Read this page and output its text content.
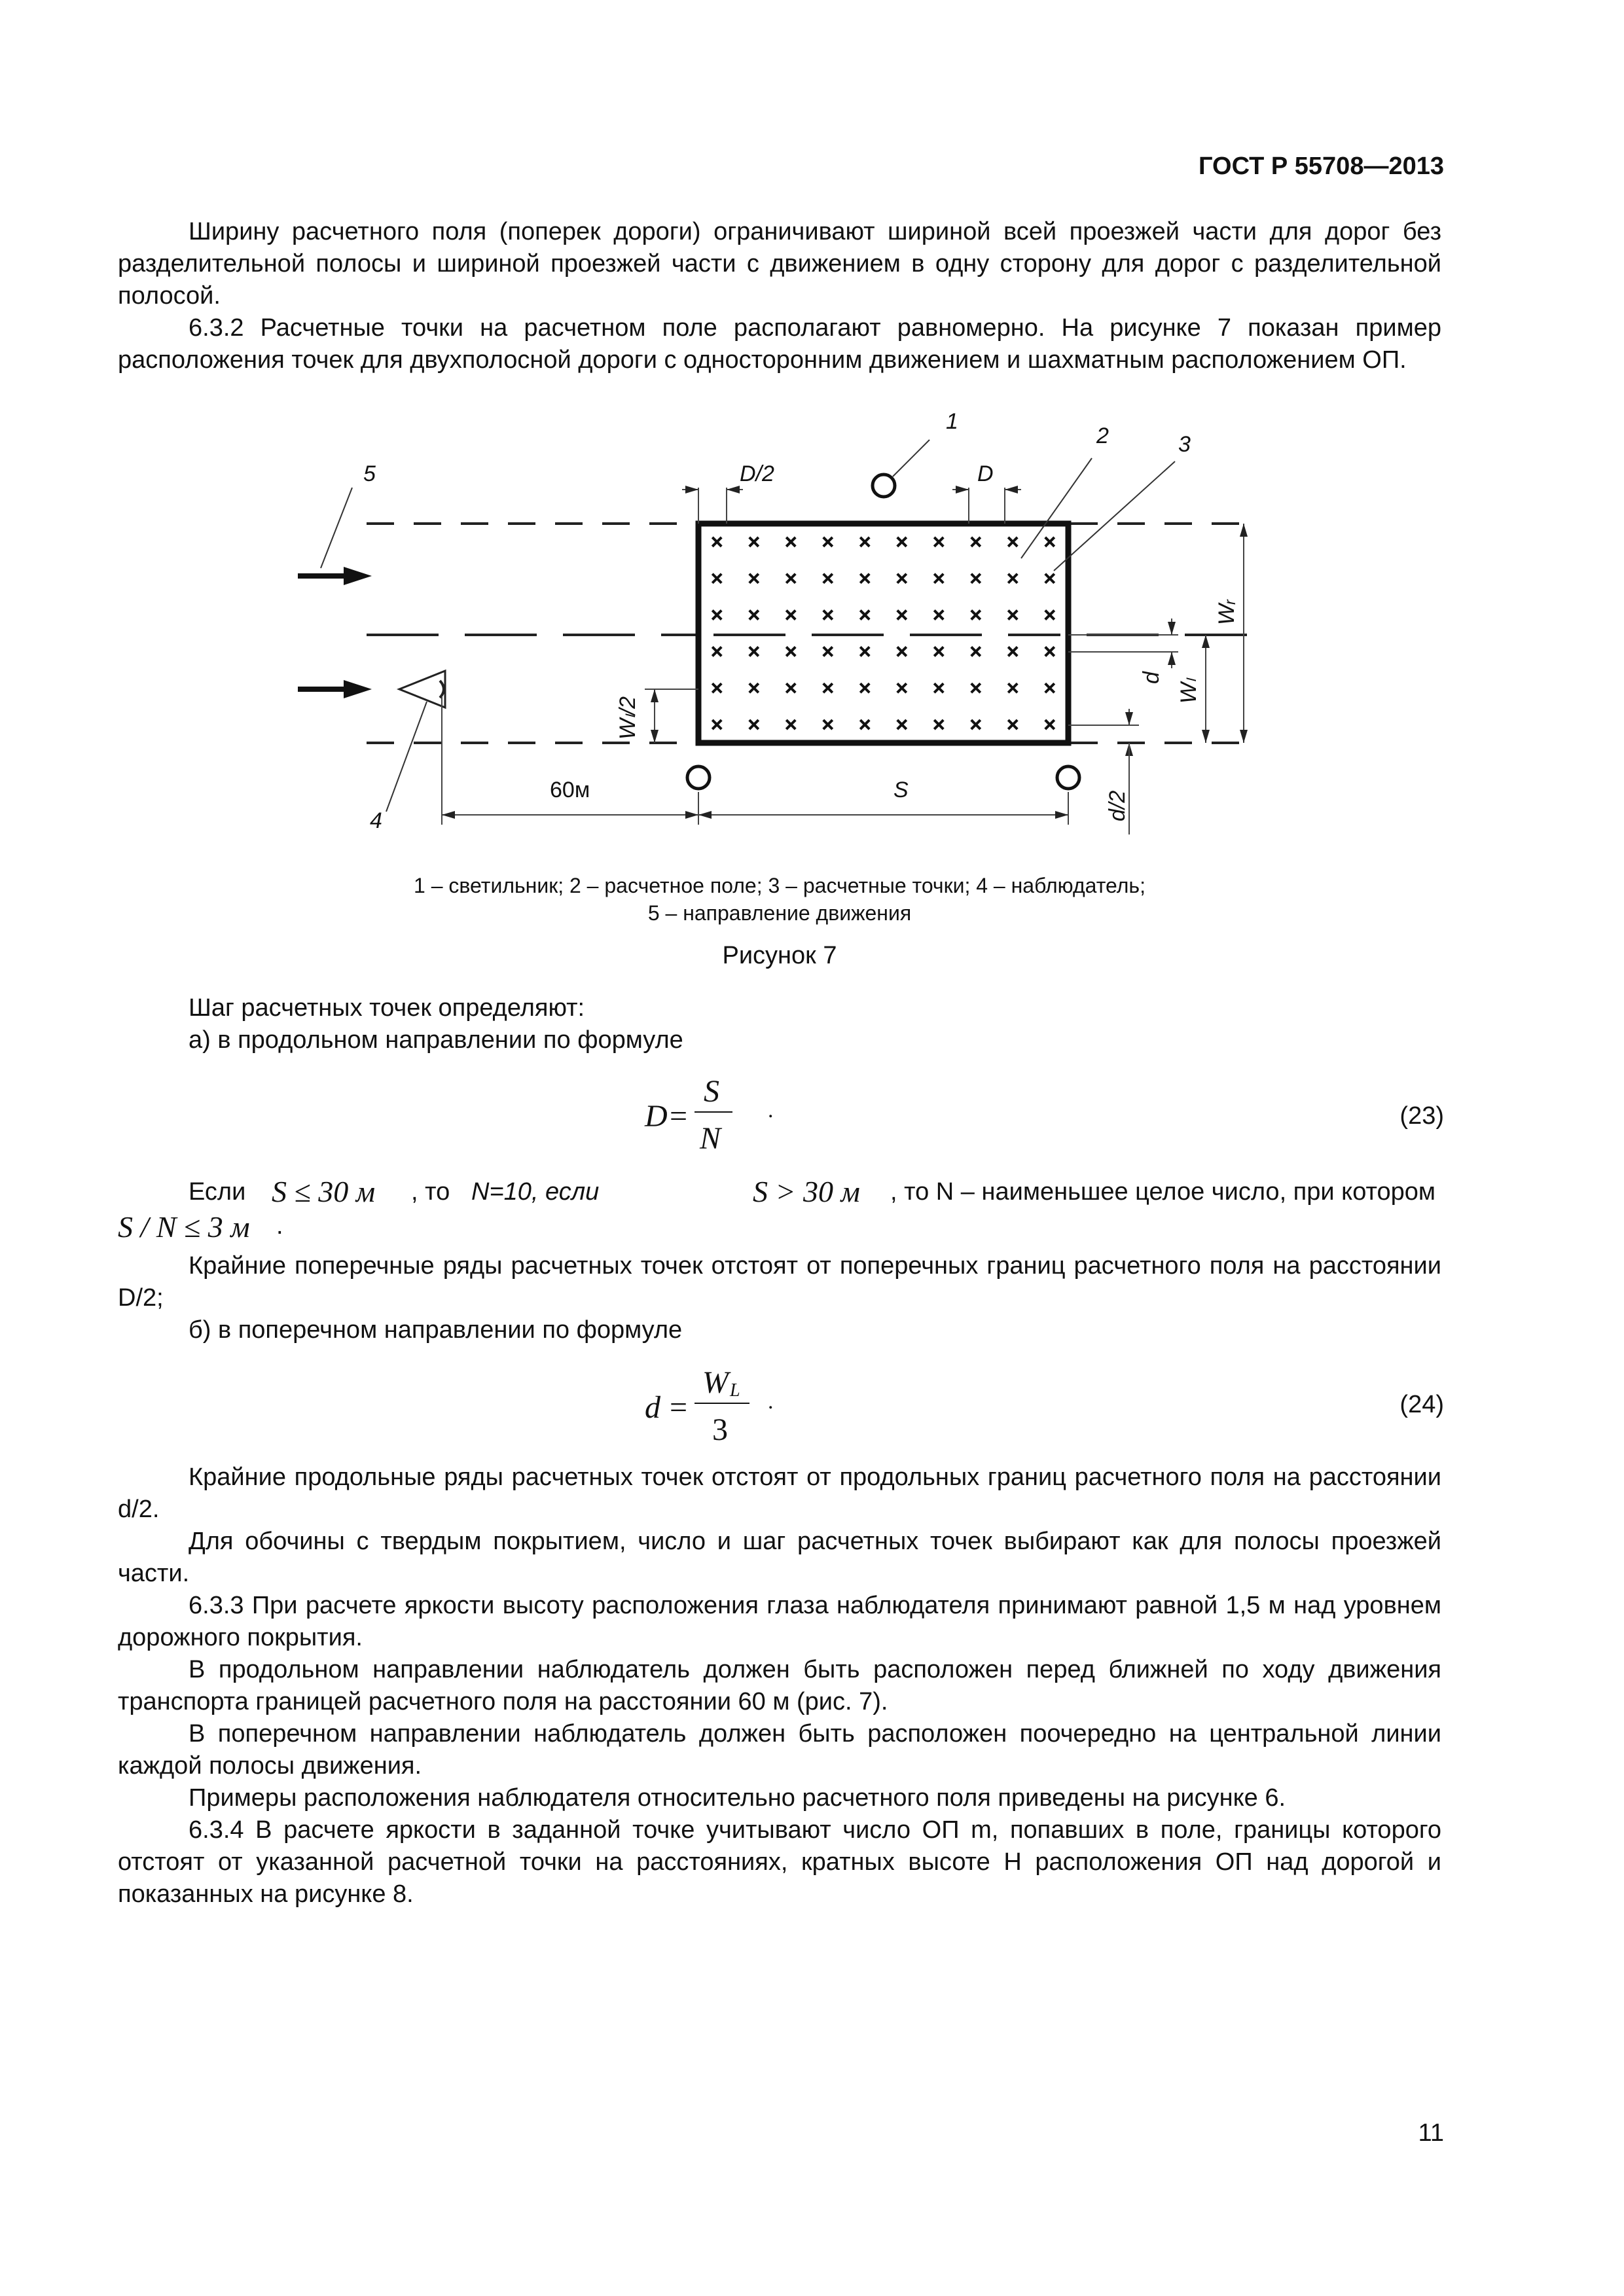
ГОСТ Р 55708—2013

Ширину расчетного поля (поперек дороги) ограничивают шириной всей проезжей части для дорог без разделительной полосы и шириной проезжей части с движением в одну сторону для дорог с разделительной полосой.

6.3.2 Расчетные точки на расчетном поле располагают равномерно. На рисунке 7 показан пример расположения точек для двухполосной дороги с односторонним движением и шахматным расположением ОП.

1
2	3
4
5	D/2	D
S
Wₗ/2
d
Wₗ
Wᵣ
d/2
60м
1 – светильник; 2 – расчетное поле; 3 – расчетные точки; 4 – наблюдатель;
5 – направление движения
Рисунок 7

Шаг расчетных точек определяют:

а) в продольном направлении по формуле

D =
S
N
.	(23)
Если S ≤ 30 м , то N=10, если	S > 30 м , то N – наименьшее целое число, при котором
S / N ≤ 3 м .

Крайние поперечные ряды расчетных точек отстоят от поперечных границ расчетного поля на расстоянии D/2;

б) в поперечном направлении по формуле

d =
W L
3
.	(24)

Крайние продольные ряды расчетных точек отстоят от продольных границ расчетного поля на расстоянии d/2.

Для обочины с твердым покрытием, число и шаг расчетных точек выбирают как для полосы проезжей части.

6.3.3 При расчете яркости высоту расположения глаза наблюдателя принимают равной 1,5 м над уровнем дорожного покрытия.

В продольном направлении наблюдатель должен быть расположен перед ближней по ходу движения транспорта границей расчетного поля на расстоянии 60 м (рис. 7).

В поперечном направлении наблюдатель должен быть расположен поочередно на центральной линии каждой полосы движения.

Примеры расположения наблюдателя относительно расчетного поля приведены на рисунке 6.

6.3.4 В расчете яркости в заданной точке учитывают число ОП m, попавших в поле, границы которого отстоят от указанной расчетной точки на расстояниях, кратных высоте H расположения ОП над дорогой и показанных на рисунке 8.

11
